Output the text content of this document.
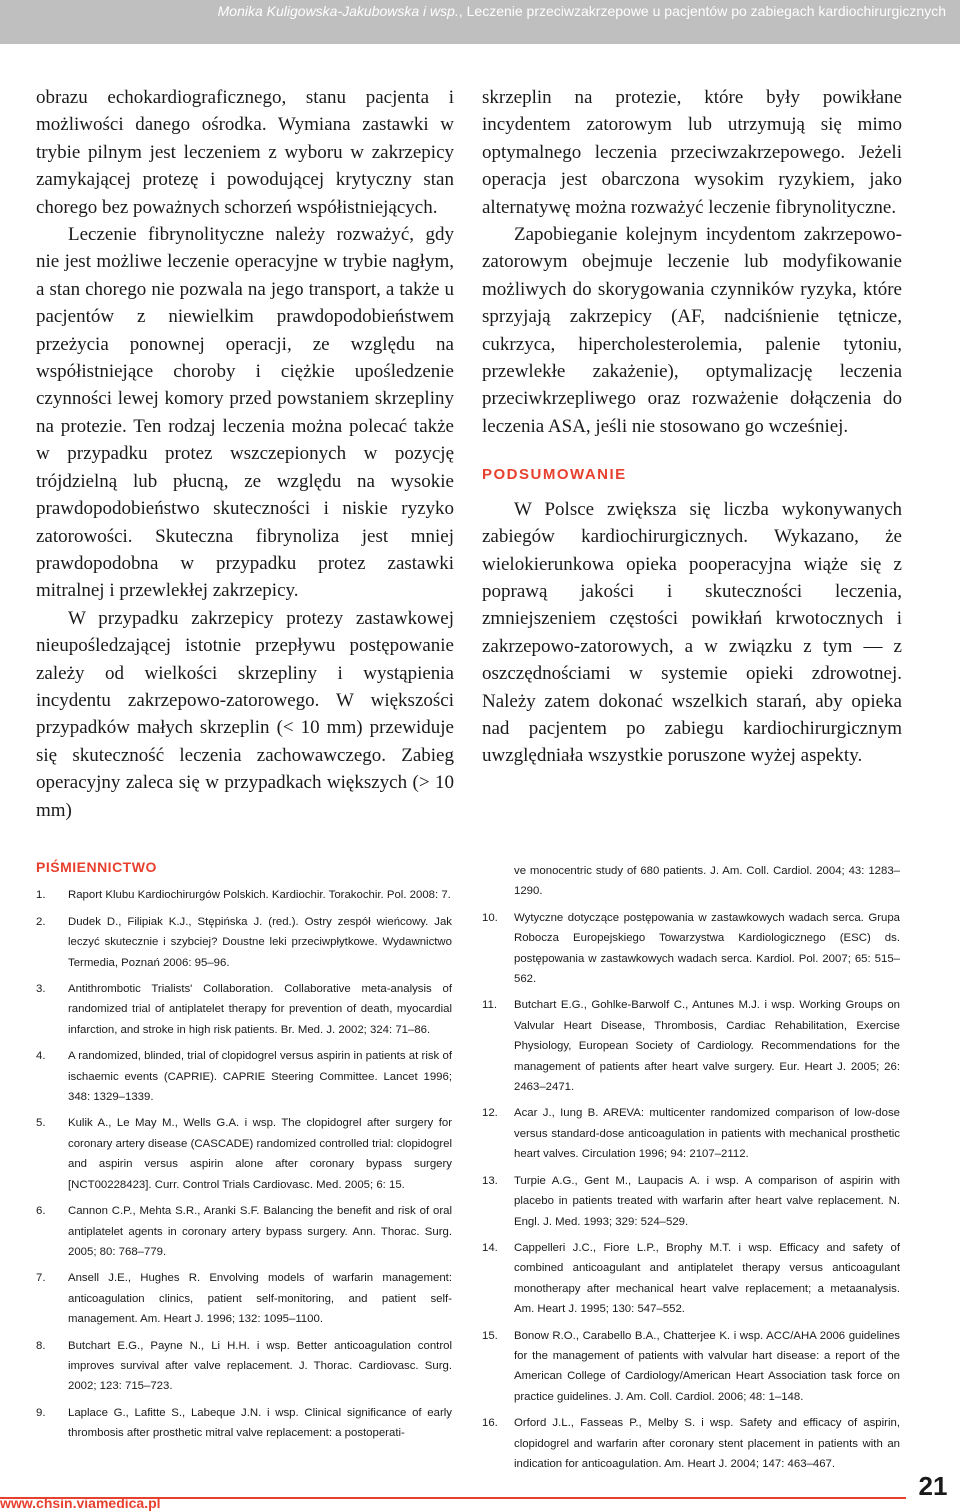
Monika Kuligowska-Jakubowska i wsp., Leczenie przeciwzakrzepowe u pacjentów po zabiegach kardiochirurgicznych

obrazu echokardiograficznego, stanu pacjenta i możliwości danego ośrodka. Wymiana zastawki w trybie pilnym jest leczeniem z wyboru w zakrzepicy zamykającej protezę i powodującej krytyczny stan chorego bez poważnych schorzeń współistniejących.

Leczenie fibrynolityczne należy rozważyć, gdy nie jest możliwe leczenie operacyjne w trybie nagłym, a stan chorego nie pozwala na jego transport, a także u pacjentów z niewielkim prawdopodobieństwem przeżycia ponownej operacji, ze względu na współistniejące choroby i ciężkie upośledzenie czynności lewej komory przed powstaniem skrzepliny na protezie. Ten rodzaj leczenia można polecać także w przypadku protez wszczepionych w pozycję trójdzielną lub płucną, ze względu na wysokie prawdopodobieństwo skuteczności i niskie ryzyko zatorowości. Skuteczna fibrynoliza jest mniej prawdopodobna w przypadku protez zastawki mitralnej i przewlekłej zakrzepicy.

W przypadku zakrzepicy protezy zastawkowej nieupośledzającej istotnie przepływu postępowanie zależy od wielkości skrzepliny i wystąpienia incydentu zakrzepowo-zatorowego. W większości przypadków małych skrzeplin (< 10 mm) przewiduje się skuteczność leczenia zachowawczego. Zabieg operacyjny zaleca się w przypadkach większych (> 10 mm)

skrzeplin na protezie, które były powikłane incydentem zatorowym lub utrzymują się mimo optymalnego leczenia przeciwzakrzepowego. Jeżeli operacja jest obarczona wysokim ryzykiem, jako alternatywę można rozważyć leczenie fibrynolityczne.

Zapobieganie kolejnym incydentom zakrzepowo-zatorowym obejmuje leczenie lub modyfikowanie możliwych do skorygowania czynników ryzyka, które sprzyjają zakrzepicy (AF, nadciśnienie tętnicze, cukrzyca, hipercholesterolemia, palenie tytoniu, przewlekłe zakażenie), optymalizację leczenia przeciwkrzepliwego oraz rozważenie dołączenia do leczenia ASA, jeśli nie stosowano go wcześniej.

PODSUMOWANIE

W Polsce zwiększa się liczba wykonywanych zabiegów kardiochirurgicznych. Wykazano, że wielokierunkowa opieka pooperacyjna wiąże się z poprawą jakości i skuteczności leczenia, zmniejszeniem częstości powikłań krwotocznych i zakrzepowo-zatorowych, a w związku z tym — z oszczędnościami w systemie opieki zdrowotnej. Należy zatem dokonać wszelkich starań, aby opieka nad pacjentem po zabiegu kardiochirurgicznym uwzględniała wszystkie poruszone wyżej aspekty.

PIŚMIENNICTWO
1.	Raport Klubu Kardiochirurgów Polskich. Kardiochir. Torakochir. Pol. 2008: 7.
2.	Dudek D., Filipiak K.J., Stępińska J. (red.). Ostry zespół wieńcowy. Jak leczyć skutecznie i szybciej? Doustne leki przeciwpłytkowe. Wydawnictwo Termedia, Poznań 2006: 95–96.
3.	Antithrombotic Trialists' Collaboration. Collaborative meta-analysis of randomized trial of antiplatelet therapy for prevention of death, myocardial infarction, and stroke in high risk patients. Br. Med. J. 2002; 324: 71–86.
4.	A randomized, blinded, trial of clopidogrel versus aspirin in patients at risk of ischaemic events (CAPRIE). CAPRIE Steering Committee. Lancet 1996; 348: 1329–1339.
5.	Kulik A., Le May M., Wells G.A. i wsp. The clopidogrel after surgery for coronary artery disease (CASCADE) randomized controlled trial: clopidogrel and aspirin versus aspirin alone after coronary bypass surgery [NCT00228423]. Curr. Control Trials Cardiovasc. Med. 2005; 6: 15.
6.	Cannon C.P., Mehta S.R., Aranki S.F. Balancing the benefit and risk of oral antiplatelet agents in coronary artery bypass surgery. Ann. Thorac. Surg. 2005; 80: 768–779.
7.	Ansell J.E., Hughes R. Envolving models of warfarin management: anticoagulation clinics, patient self-monitoring, and patient self-management. Am. Heart J. 1996; 132: 1095–1100.
8.	Butchart E.G., Payne N., Li H.H. i wsp. Better anticoagulation control improves survival after valve replacement. J. Thorac. Cardiovasc. Surg. 2002; 123: 715–723.
9.	Laplace G., Lafitte S., Labeque J.N. i wsp. Clinical significance of early thrombosis after prosthetic mitral valve replacement: a postoperati-
ve monocentric study of 680 patients. J. Am. Coll. Cardiol. 2004; 43: 1283–1290.
10.	Wytyczne dotyczące postępowania w zastawkowych wadach serca. Grupa Robocza Europejskiego Towarzystwa Kardiologicznego (ESC) ds. postępowania w zastawkowych wadach serca. Kardiol. Pol. 2007; 65: 515–562.
11.	Butchart E.G., Gohlke-Barwolf C., Antunes M.J. i wsp. Working Groups on Valvular Heart Disease, Thrombosis, Cardiac Rehabilitation, Exercise Physiology, European Society of Cardiology. Recommendations for the management of patients after heart valve surgery. Eur. Heart J. 2005; 26: 2463–2471.
12.	Acar J., Iung B. AREVA: multicenter randomized comparison of low-dose versus standard-dose anticoagulation in patients with mechanical prosthetic heart valves. Circulation 1996; 94: 2107–2112.
13.	Turpie A.G., Gent M., Laupacis A. i wsp. A comparison of aspirin with placebo in patients treated with warfarin after heart valve replacement. N. Engl. J. Med. 1993; 329: 524–529.
14.	Cappelleri J.C., Fiore L.P., Brophy M.T. i wsp. Efficacy and safety of combined anticoagulant and antiplatelet therapy versus anticoagulant monotherapy after mechanical heart valve replacement; a metaanalysis. Am. Heart J. 1995; 130: 547–552.
15.	Bonow R.O., Carabello B.A., Chatterjee K. i wsp. ACC/AHA 2006 guidelines for the management of patients with valvular hart disease: a report of the American College of Cardiology/American Heart Association task force on practice guidelines. J. Am. Coll. Cardiol. 2006; 48: 1–148.
16.	Orford J.L., Fasseas P., Melby S. i wsp. Safety and efficacy of aspirin, clopidogrel and warfarin after coronary stent placement in patients with an indication for anticoagulation. Am. Heart J. 2004; 147: 463–467.
www.chsin.viamedica.pl
21
